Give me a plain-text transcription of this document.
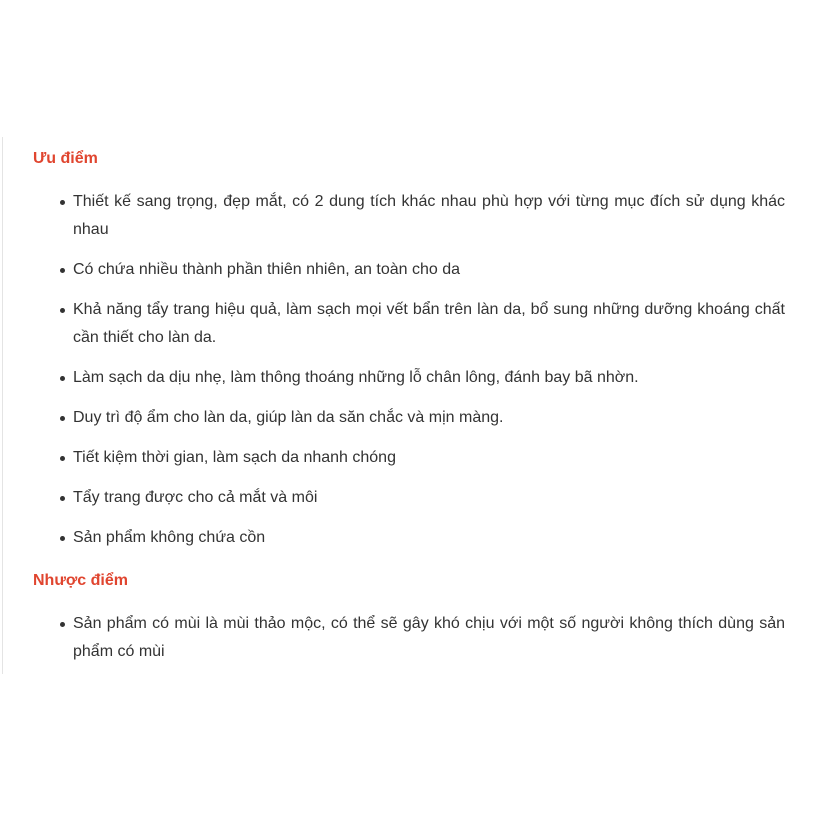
Ưu điểm
Thiết kế sang trọng, đẹp mắt, có 2 dung tích khác nhau phù hợp với từng mục đích sử dụng khác nhau
Có chứa nhiều thành phần thiên nhiên, an toàn cho da
Khả năng tẩy trang hiệu quả, làm sạch mọi vết bẩn trên làn da, bổ sung những dưỡng khoáng chất cần thiết cho làn da.
Làm sạch da dịu nhẹ, làm thông thoáng những lỗ chân lông, đánh bay bã nhờn.
Duy trì độ ẩm cho làn da, giúp làn da săn chắc và mịn màng.
Tiết kiệm thời gian, làm sạch da nhanh chóng
Tẩy trang được cho cả mắt và môi
Sản phẩm không chứa cồn
Nhược điểm
Sản phẩm có mùi là mùi thảo mộc, có thể sẽ gây khó chịu với một số người không thích dùng sản phẩm có mùi
